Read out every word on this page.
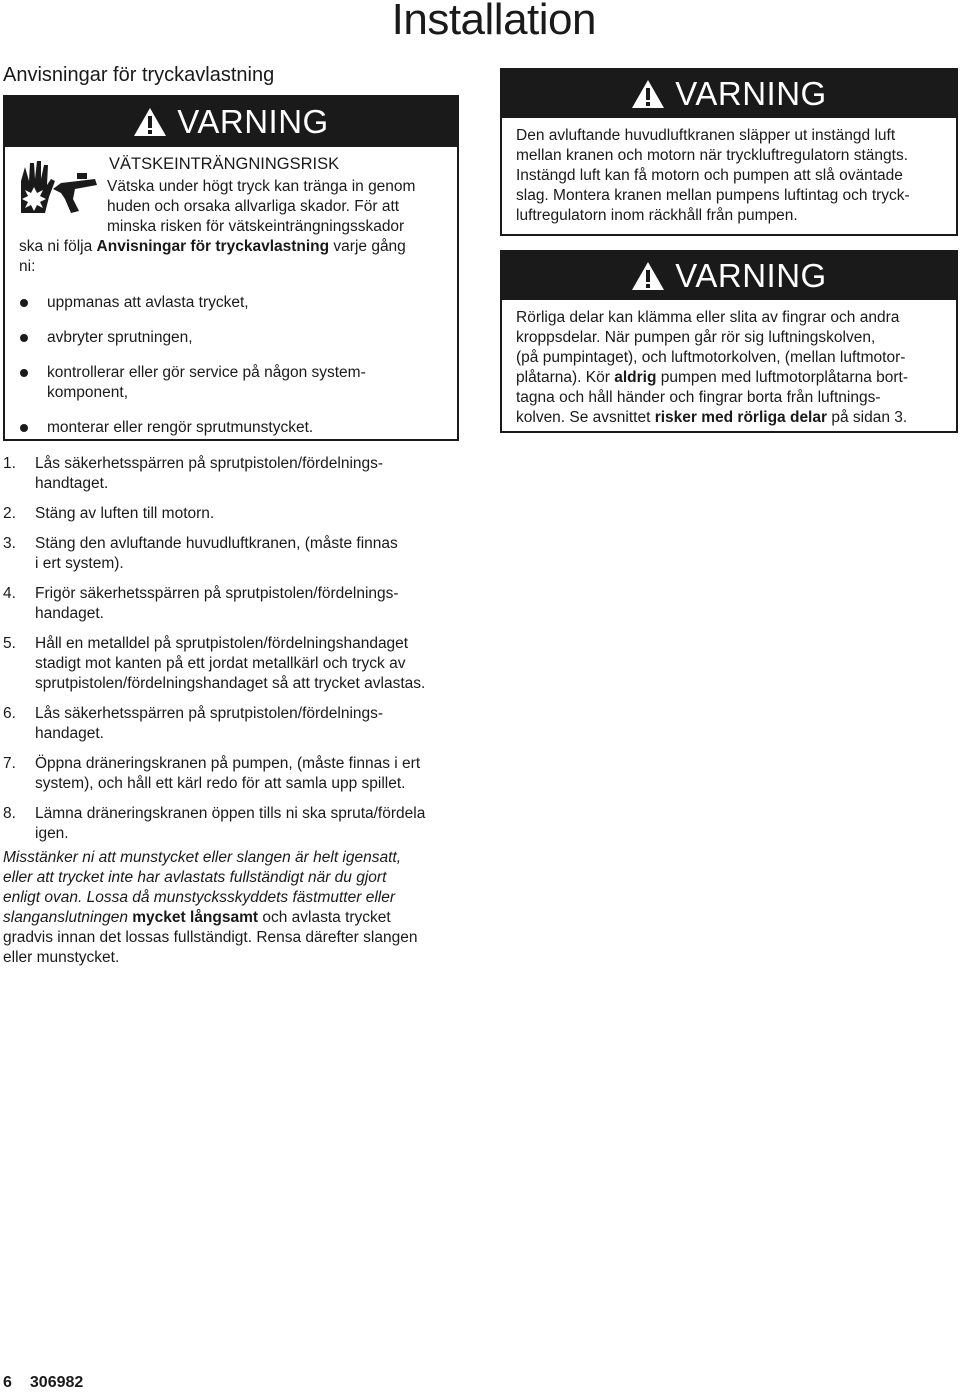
Installation
Anvisningar för tryckavlastning
VARNING
VÄTSKEINTRÄNGNINGSRISK
Vätska under högt tryck kan tränga in genom
huden och orsaka allvarliga skador. För att
minska risken för vätskeinträngningsskador
ska ni följa Anvisningar för tryckavlastning varje gång
ni:
uppmanas att avlasta trycket,
avbryter sprutningen,
kontrollerar eller gör service på någon system-
komponent,
monterar eller rengör sprutmunstycket.
VARNING
Den avluftande huvudluftkranen släpper ut instängd luft
mellan kranen och motorn när tryckluftregulatorn stängts.
Instängd luft kan få motorn och pumpen att slå oväntade
slag. Montera kranen mellan pumpens luftintag och tryck-
luftregulatorn inom räckhåll från pumpen.
VARNING
Rörliga delar kan klämma eller slita av fingrar och andra
kroppsdelar. När pumpen går rör sig luftningskolven,
(på pumpintaget), och luftmotorkolven, (mellan luftmotor-
plåtarna). Kör aldrig pumpen med luftmotorplåtarna bort-
tagna och håll händer och fingrar borta från luftnings-
kolven. Se avsnittet risker med rörliga delar på sidan 3.
1. Lås säkerhetsspärren på sprutpistolen/fördelnings-
handtaget.
2. Stäng av luften till motorn.
3. Stäng den avluftande huvudluftkranen, (måste finnas
i ert system).
4. Frigör säkerhetsspärren på sprutpistolen/fördelnings-
handaget.
5. Håll en metalldel på sprutpistolen/fördelningshandaget
stadigt mot kanten på ett jordat metallkärl och tryck av
sprutpistolen/fördelningshandaget så att trycket avlastas.
6. Lås säkerhetsspärren på sprutpistolen/fördelnings-
handaget.
7. Öppna dräneringskranen på pumpen, (måste finnas i ert
system), och håll ett kärl redo för att samla upp spillet.
8. Lämna dräneringskranen öppen tills ni ska spruta/fördela
igen.
Misstänker ni att munstycket eller slangen är helt igensatt,
eller att trycket inte har avlastats fullständigt när du gjort
enligt ovan. Lossa då munstycksskyddets fästmutter eller
slanganslutningen mycket långsamt och avlasta trycket
gradvis innan det lossas fullständigt. Rensa därefter slangen
eller munstycket.
6 306982
